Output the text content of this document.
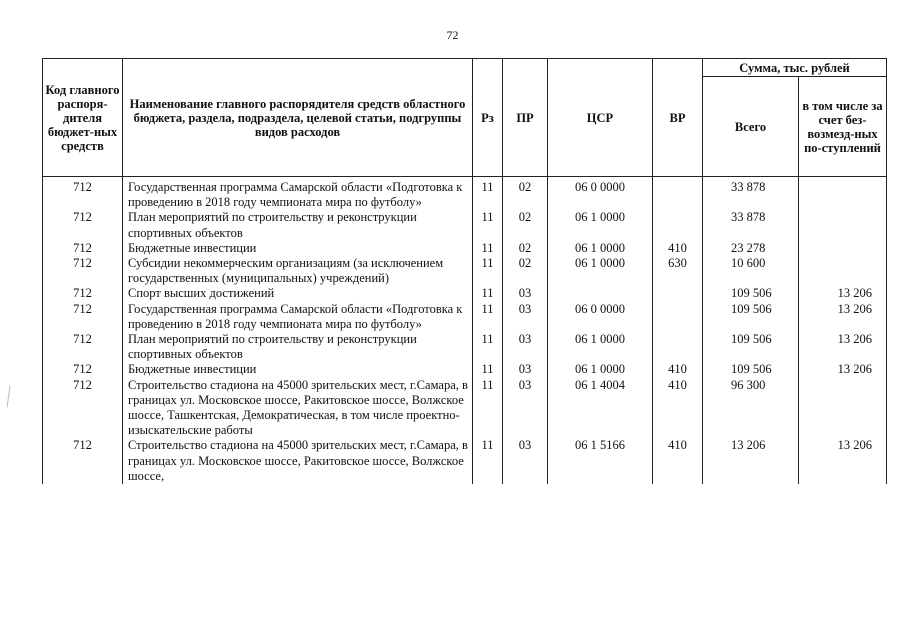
72
Код главного распоря-дителя бюджет-ных средств	Наименование главного распорядителя средств областного бюджета, раздела, подраздела, целевой статьи, подгруппы видов расходов	Рз	ПР	ЦСР	ВР	Сумма, тыс. рублей	
						Всего	в том числе за счет без-возмезд-ных по-ступлений
712	Государственная программа Самарской области «Подготовка к проведению в 2018 году чемпионата мира по футболу»	11	02	06 0 0000		33 878	
712	План мероприятий по строительству и реконструкции спортивных объектов	11	02	06 1 0000		33 878	
712	Бюджетные инвестиции	11	02	06 1 0000	410	23 278	
712	Субсидии некоммерческим организациям (за исключением государственных (муниципальных) учреждений)	11	02	06 1 0000	630	10 600	
712	Спорт высших достижений	11	03			109 506	13 206
712	Государственная программа Самарской области «Подготовка к проведению в 2018 году чемпионата мира по футболу»	11	03	06 0 0000		109 506	13 206
712	План мероприятий по строительству и реконструкции спортивных объектов	11	03	06 1 0000		109 506	13 206
712	Бюджетные инвестиции	11	03	06 1 0000	410	109 506	13 206
712	Строительство стадиона на 45000 зрительских мест, г.Самара, в границах ул. Московское шоссе, Ракитовское шоссе, Волжское шоссе, Ташкентская, Демократическая, в том числе проектно-изыскательские работы	11	03	06 1 4004	410	96 300	
712	Строительство стадиона на 45000 зрительских мест, г.Самара, в границах ул. Московское шоссе, Ракитовское шоссе, Волжское шоссе,	11	03	06 1 5166	410	13 206	13 206
